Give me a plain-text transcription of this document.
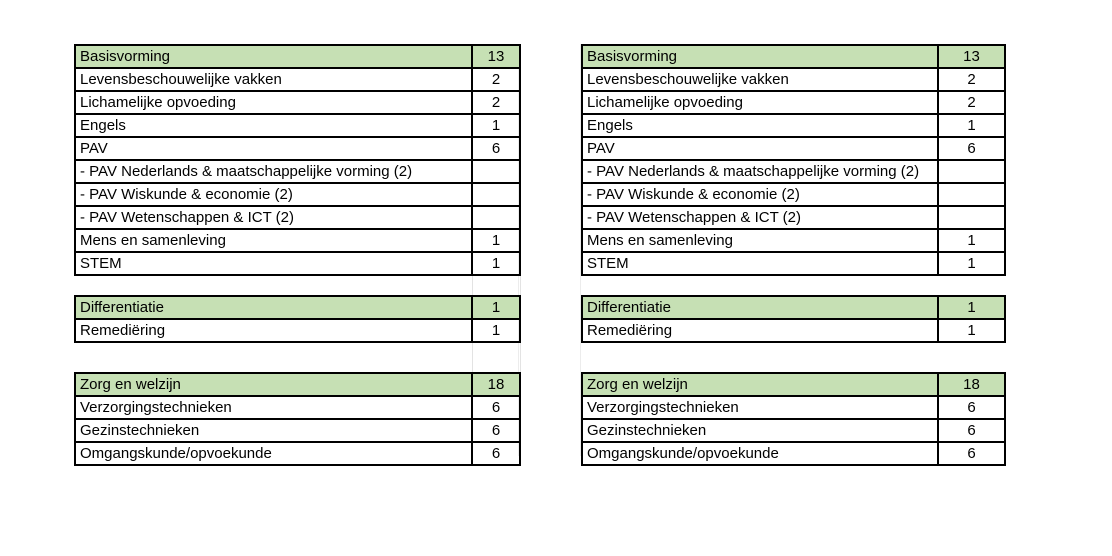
Basisvorming	13
Levensbeschouwelijke vakken	2
Lichamelijke opvoeding	2
Engels	1
PAV	6
- PAV Nederlands & maatschappelijke vorming (2)	
- PAV Wiskunde & economie (2)	
- PAV Wetenschappen & ICT (2)	
Mens en samenleving	1
STEM	1

Differentiatie	1
Remediëring	1

Zorg en welzijn	18
Verzorgingstechnieken	6
Gezinstechnieken	6
Omgangskunde/opvoekunde	6
Basisvorming	13
Levensbeschouwelijke vakken	2
Lichamelijke opvoeding	2
Engels	1
PAV	6
- PAV Nederlands & maatschappelijke vorming (2)	
- PAV Wiskunde & economie (2)	
- PAV Wetenschappen & ICT (2)	
Mens en samenleving	1
STEM	1

Differentiatie	1
Remediëring	1

Zorg en welzijn	18
Verzorgingstechnieken	6
Gezinstechnieken	6
Omgangskunde/opvoekunde	6
